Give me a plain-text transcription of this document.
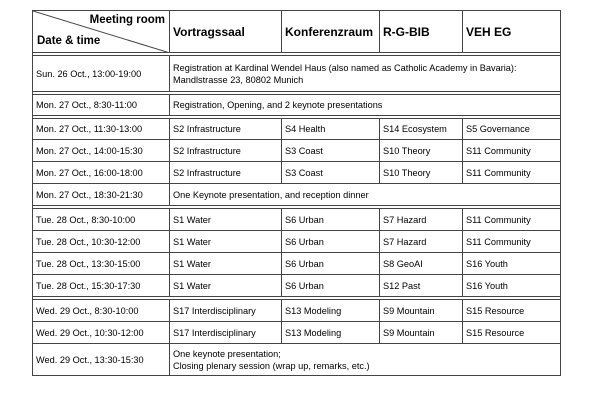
Meeting room
Date & time	Vortragssaal	Konferenzraum	R-G-BIB	VEH EG

Sun. 26 Oct., 13:00-19:00	Registration at Kardinal Wendel Haus (also named as Catholic Academy in Bavaria): Mandlstrasse 23, 80802 Munich			

Mon. 27 Oct., 8:30-11:00	Registration, Opening, and 2 keynote presentations			

Mon. 27 Oct., 11:30-13:00	S2 Infrastructure	S4 Health	S14 Ecosystem	S5 Governance
Mon. 27 Oct., 14:00-15:30	S2 Infrastructure	S3 Coast	S10 Theory	S11 Community
Mon. 27 Oct., 16:00-18:00	S2 Infrastructure	S3 Coast	S10 Theory	S11 Community
Mon. 27 Oct., 18:30-21:30	One Keynote presentation, and reception dinner			

Tue. 28 Oct., 8:30-10:00	S1 Water	S6 Urban	S7 Hazard	S11 Community
Tue. 28 Oct., 10:30-12:00	S1 Water	S6 Urban	S7 Hazard	S11 Community
Tue. 28 Oct., 13:30-15:00	S1 Water	S6 Urban	S8 GeoAI	S16 Youth
Tue. 28 Oct., 15:30-17:30	S1 Water	S6 Urban	S12 Past	S16 Youth

Wed. 29 Oct., 8:30-10:00	S17 Interdisciplinary	S13 Modeling	S9 Mountain	S15 Resource
Wed. 29 Oct., 10:30-12:00	S17 Interdisciplinary	S13 Modeling	S9 Mountain	S15 Resource
Wed. 29 Oct., 13:30-15:30	One keynote presentation;
Closing plenary session (wrap up, remarks, etc.)			
